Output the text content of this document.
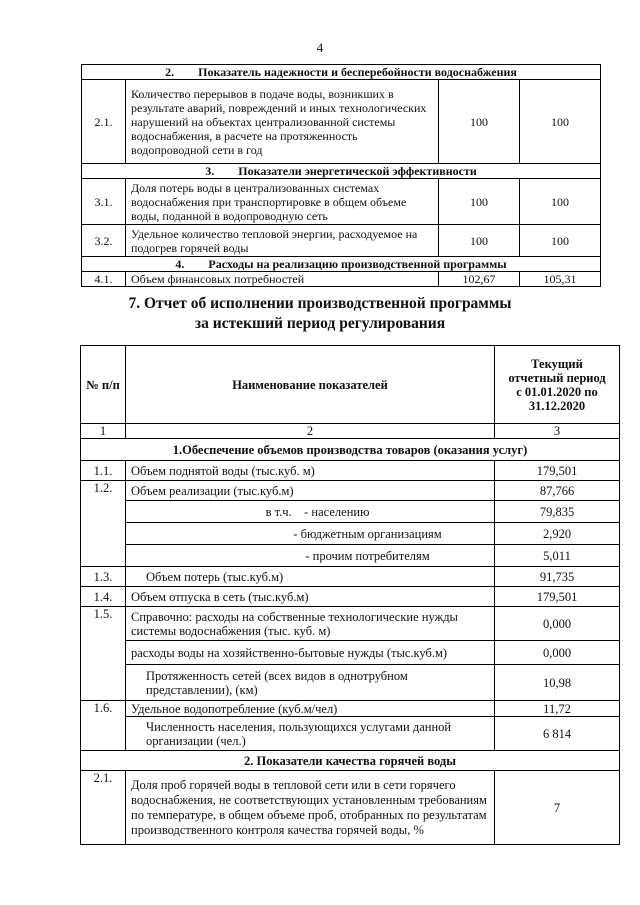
4
2.        Показатель надежности и бесперебойности водоснабжения			
2.1.	Количество перерывов в подаче воды, возникших в результате аварий, повреждений и иных технологических нарушений на объектах централизованной системы водоснабжения, в расчете на протяженность водопроводной сети в год	100	100
3.        Показатели энергетической эффективности			
3.1.	Доля потерь воды в централизованных системах водоснабжения при транспортировке в общем объеме воды, поданной в водопроводную сеть	100	100
3.2.	Удельное количество тепловой энергии, расходуемое на подогрев горячей воды	100	100
4.        Расходы на реализацию производственной программы			
4.1.	Объем финансовых потребностей	102,67	105,31
7. Отчет об исполнении производственной программы
за истекший период регулирования
№ п/п	Наименование показателей	Текущий отчетный период с 01.01.2020 по 31.12.2020
1	2	3
1.Обеспечение объемов производства товаров (оказания услуг)		
1.1.	Объем поднятой воды (тыс.куб. м)	179,501
1.2.	Объем реализации (тыс.куб.м)	87,766
	в т.ч.    - населению	79,835
	- бюджетным организациям	2,920
	- прочим потребителям	5,011
1.3.	Объем потерь (тыс.куб.м)	91,735
1.4.	Объем отпуска в сеть (тыс.куб.м)	179,501
1.5.	Справочно: расходы на собственные технологические нужды системы водоснабжения (тыс. куб. м)	0,000
	расходы воды на хозяйственно-бытовые нужды (тыс.куб.м)	0,000
	Протяженность сетей (всех видов в однотрубном представлении), (км)	10,98
1.6.	Удельное водопотребление (куб.м/чел)	11,72
	Численность населения, пользующихся услугами данной организации (чел.)	6 814
2. Показатели качества горячей воды		
2.1.	Доля проб горячей воды в тепловой сети или в сети горячего водоснабжения, не соответствующих установленным требованиям по температуре, в общем объеме проб, отобранных по результатам производственного контроля качества горячей воды, %	7
